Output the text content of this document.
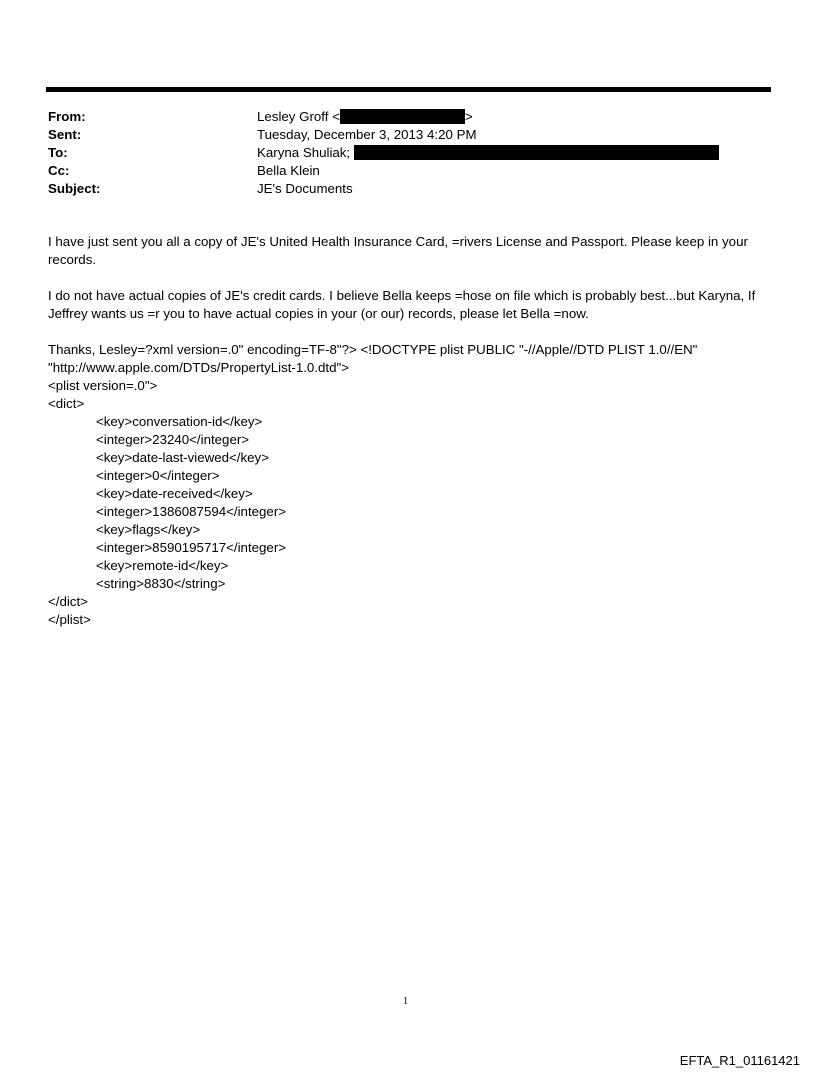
From:	Lesley Groff <	>
Sent:	Tuesday, December 3, 2013 4:20 PM
To:	Karyna Shuliak;
Cc:	Bella Klein
Subject:	JE's Documents

I have just sent you all a copy of JE's United Health Insurance Card, =rivers License and Passport. Please keep in your records.

I do not have actual copies of JE's credit cards. I believe Bella keeps =hose on file which is probably best...but Karyna, If Jeffrey wants us =r you to have actual copies in your (or our) records, please let Bella =now.

Thanks, Lesley=?xml version=.0" encoding=TF-8"?> <!DOCTYPE plist PUBLIC "-//Apple//DTD PLIST 1.0//EN"
"http://www.apple.com/DTDs/PropertyList-1.0.dtd">
<plist version=.0">
<dict>
<key>conversation-id</key>
<integer>23240</integer>
<key>date-last-viewed</key>
<integer>0</integer>
<key>date-received</key>
<integer>1386087594</integer>
<key>flags</key>
<integer>8590195717</integer>
<key>remote-id</key>
<string>8830</string>
</dict>
</plist>
1
EFTA_R1_01161421
